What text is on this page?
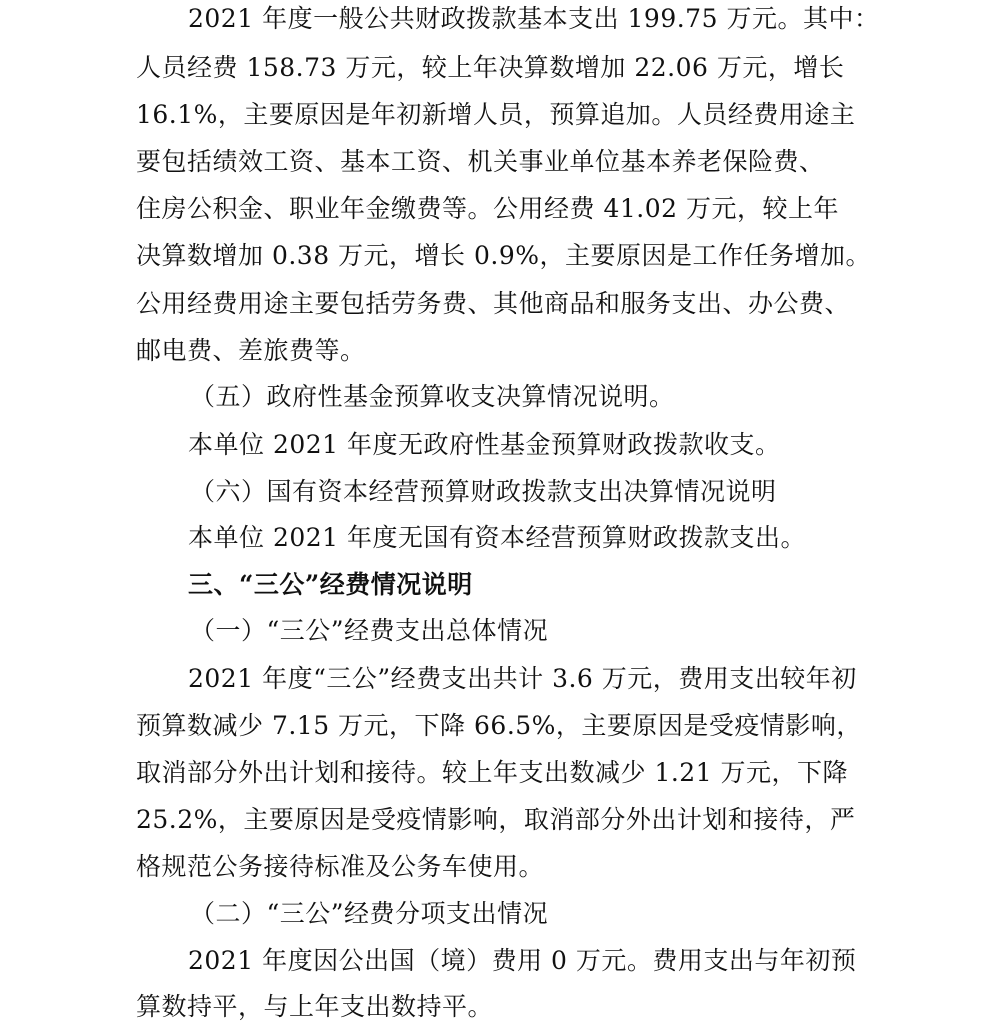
2021 年度一般公共财政拨款基本支出 199.75 万元。其中：
人员经费 158.73 万元，较上年决算数增加 22.06 万元，增长
16.1%，主要原因是年初新增人员，预算追加。人员经费用途主
要包括绩效工资、基本工资、机关事业单位基本养老保险费、
住房公积金、职业年金缴费等。公用经费 41.02 万元，较上年
决算数增加 0.38 万元，增长 0.9%，主要原因是工作任务增加。
公用经费用途主要包括劳务费、其他商品和服务支出、办公费、
邮电费、差旅费等。
（五）政府性基金预算收支决算情况说明。
本单位 2021 年度无政府性基金预算财政拨款收支。
（六）国有资本经营预算财政拨款支出决算情况说明
本单位 2021 年度无国有资本经营预算财政拨款支出。
三、“三公”经费情况说明
（一）“三公”经费支出总体情况
2021 年度“三公”经费支出共计 3.6 万元，费用支出较年初
预算数减少 7.15 万元，下降 66.5%，主要原因是受疫情影响，
取消部分外出计划和接待。较上年支出数减少 1.21 万元，下降
25.2%，主要原因是受疫情影响，取消部分外出计划和接待，严
格规范公务接待标准及公务车使用。
（二）“三公”经费分项支出情况
2021 年度因公出国（境）费用 0 万元。费用支出与年初预
算数持平，与上年支出数持平。
